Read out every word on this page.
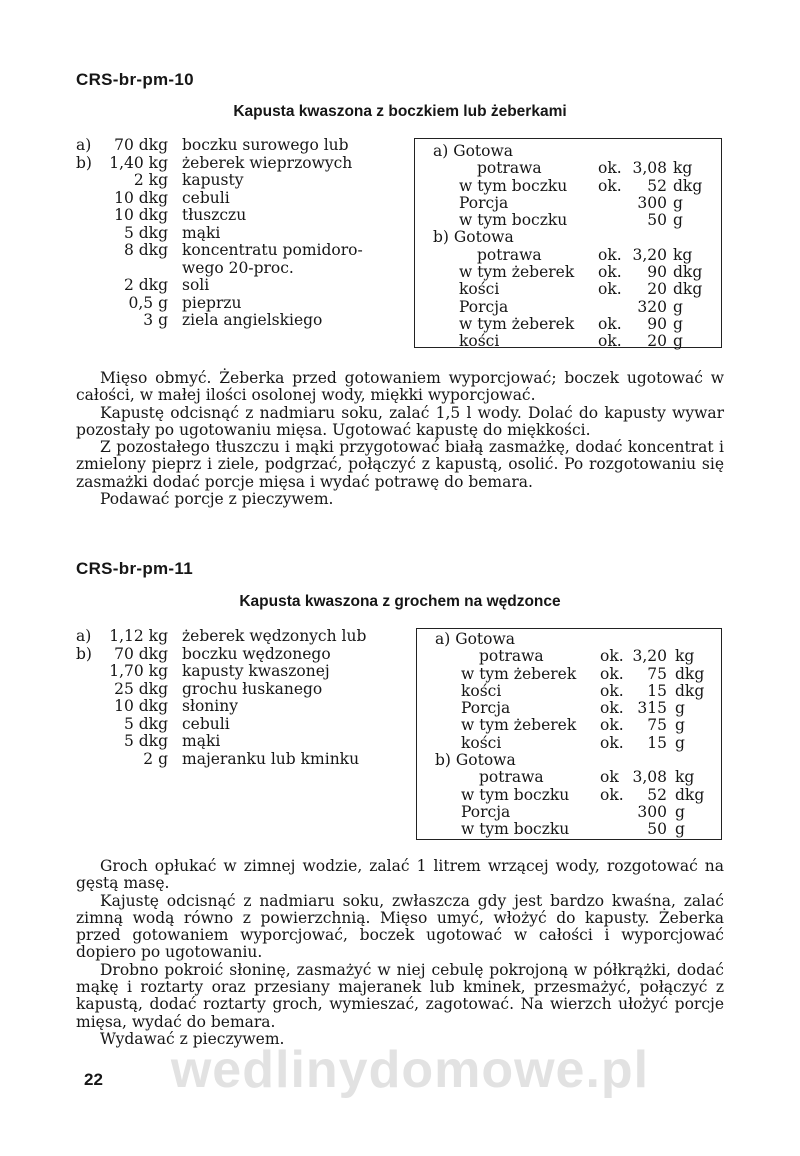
CRS-br-pm-10
Kapusta kwaszona z boczkiem lub żeberkami
a) 70 dkg boczku surowego lub
b) 1,40 kg żeberek wieprzowych
2 kg kapusty
10 dkg cebuli
10 dkg tłuszczu
5 dkg mąki
8 dkg koncentratu pomidoro-
wego 20-proc.
2 dkg soli
0,5 g pieprzu
3 g ziela angielskiego
a) Gotowa
potrawa	ok. 3,08 kg
w tym boczku ok. 52 dkg
Porcja	300 g
w tym boczku	50 g
b) Gotowa
potrawa	ok. 3,20 kg
w tym żeberek ok. 90 dkg
kości	ok. 20 dkg
Porcja	320 g
w tym żeberek ok. 90 g
kości	ok. 20 g

Mięso obmyć. Żeberka przed gotowaniem wyporcjować; boczek ugotować w całości, w małej ilości osolonej wody, miękki wyporcjować.

Kapustę odcisnąć z nadmiaru soku, zalać 1,5 l wody. Dolać do kapusty wywar pozostały po ugotowaniu mięsa. Ugotować kapustę do miękkości.

Z pozostałego tłuszczu i mąki przygotować białą zasmażkę, dodać koncentrat i zmielony pieprz i ziele, podgrzać, połączyć z kapustą, osolić. Po rozgotowaniu się zasmażki dodać porcje mięsa i wydać potrawę do bemara.

Podawać porcje z pieczywem.

CRS-br-pm-11
Kapusta kwaszona z grochem na wędzonce
a) 1,12 kg żeberek wędzonych lub
b) 70 dkg boczku wędzonego
1,70 kg kapusty kwaszonej
25 dkg grochu łuskanego
10 dkg słoniny
5 dkg cebuli
5 dkg mąki
2 g majeranku lub kminku
a) Gotowa
potrawa	ok. 3,20 kg
w tym żeberek ok. 75 dkg
kości	ok. 15 dkg
Porcja	ok. 315 g
w tym żeberek ok. 75 g
kości	ok. 15 g
b) Gotowa
potrawa	ok 3,08 kg
w tym boczku ok. 52 dkg
Porcja	300 g
w tym boczku	50 g

Groch opłukać w zimnej wodzie, zalać 1 litrem wrzącej wody, rozgotować na gęstą masę.

Kajustę odcisnąć z nadmiaru soku, zwłaszcza gdy jest bardzo kwaśna, zalać zimną wodą równo z powierzchnią. Mięso umyć, włożyć do kapusty. Żeberka przed gotowaniem wyporcjować, boczek ugotować w całości i wyporcjować dopiero po ugotowaniu.

Drobno pokroić słoninę, zasmażyć w niej cebulę pokrojoną w półkrążki, dodać mąkę i roztarty oraz przesiany majeranek lub kminek, przesmażyć, połączyć z kapustą, dodać roztarty groch, wymieszać, zagotować. Na wierzch ułożyć porcje mięsa, wydać do bemara.

Wydawać z pieczywem.

22	wedlinydomowe.pl
